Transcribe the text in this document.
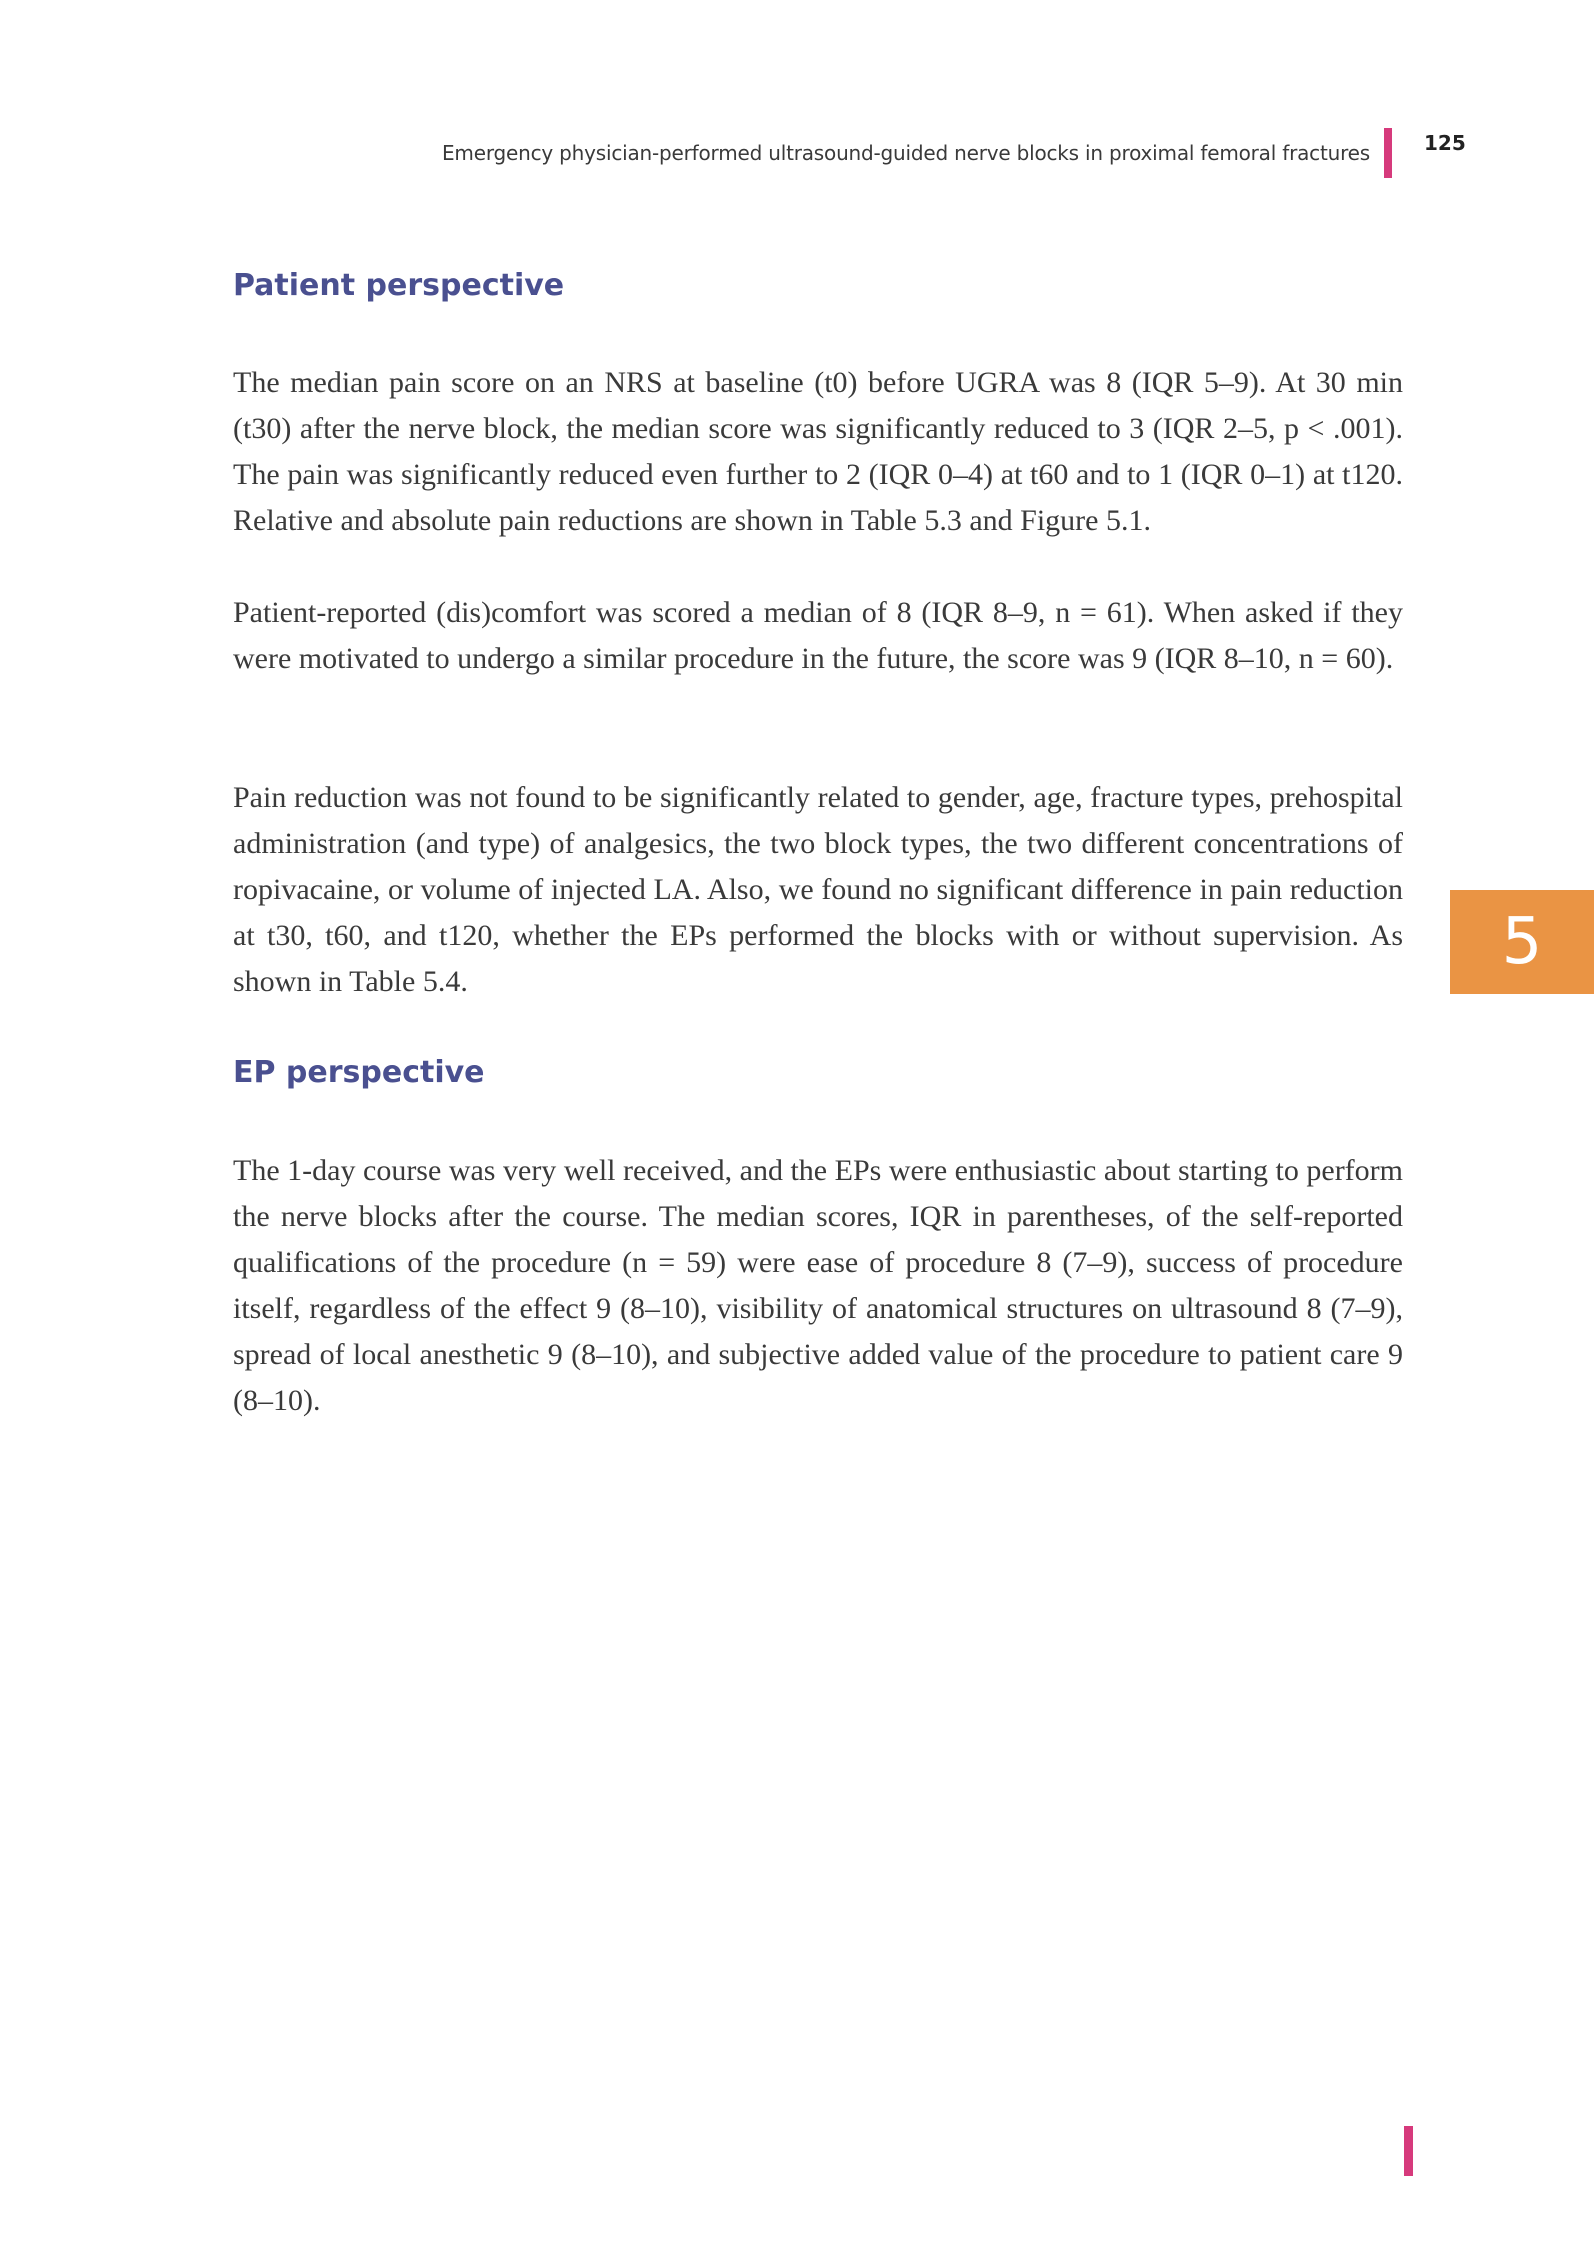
Emergency physician-performed ultrasound-guided nerve blocks in proximal femoral fractures	125
Patient perspective

The median pain score on an NRS at baseline (t0) before UGRA was 8 (IQR 5–9). At 30 min (t30) after the nerve block, the median score was significantly reduced to 3 (IQR 2–5, p < .001). The pain was significantly reduced even further to 2 (IQR 0–4) at t60 and to 1 (IQR 0–1) at t120. Relative and absolute pain reductions are shown in Table 5.3 and Figure 5.1.

Patient-reported (dis)comfort was scored a median of 8 (IQR 8–9, n = 61). When asked if they were motivated to undergo a similar procedure in the future, the score was 9 (IQR 8–10, n = 60).

Pain reduction was not found to be significantly related to gender, age, fracture types, prehospital administration (and type) of analgesics, the two block types, the two different concentrations of ropivacaine, or volume of injected LA. Also, we found no significant difference in pain reduction at t30, t60, and t120, whether the EPs performed the blocks with or without supervision. As shown in Table 5.4.

EP perspective

The 1-day course was very well received, and the EPs were enthusiastic about starting to perform the nerve blocks after the course. The median scores, IQR in parentheses, of the self-reported qualifications of the procedure (n = 59) were ease of procedure 8 (7–9), success of procedure itself, regardless of the effect 9 (8–10), visibility of anatomical structures on ultrasound 8 (7–9), spread of local anesthetic 9 (8–10), and subjective added value of the procedure to patient care 9 (8–10).

5
